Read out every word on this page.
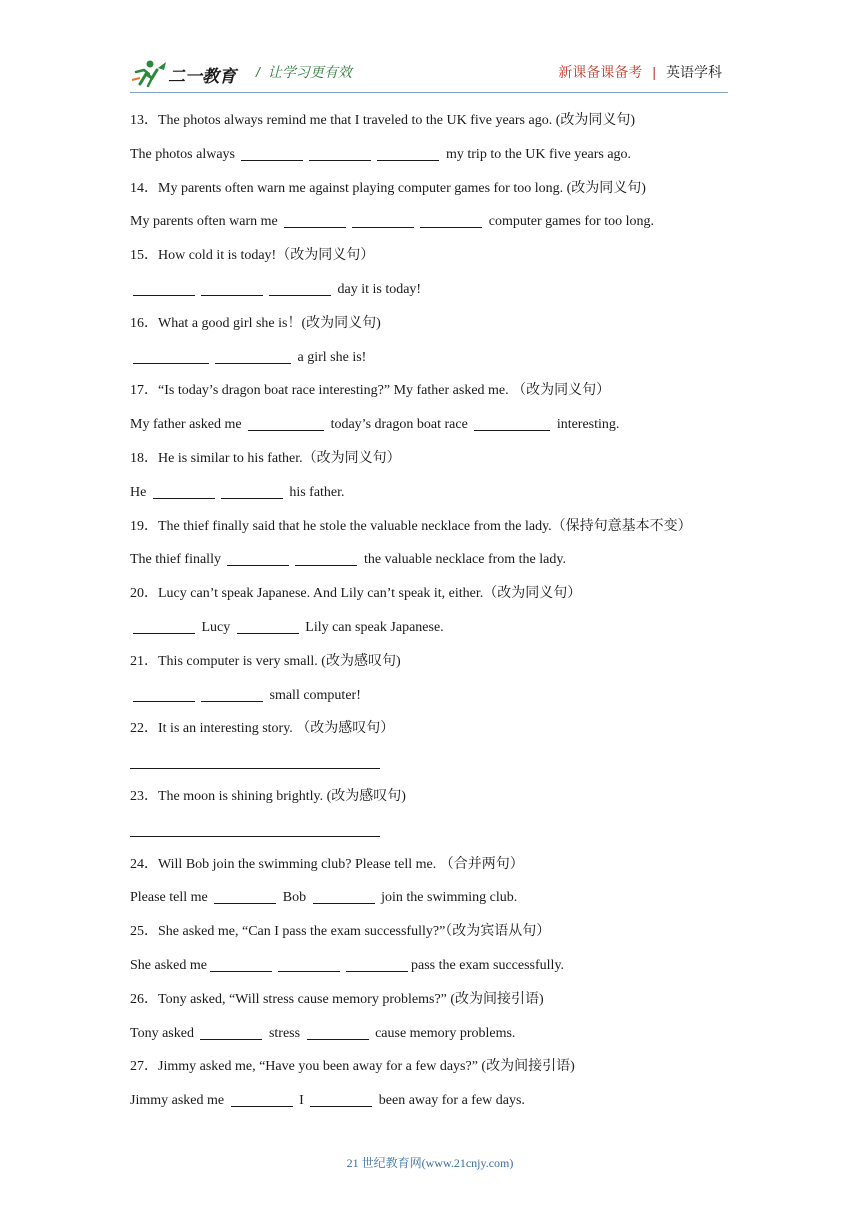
二一教育 / 让学习更有效	新课备课备考 | 英语学科
13．The photos always remind me that I traveled to the UK five years ago. (改为同义句)
The photos always	my trip to the UK five years ago.
14．My parents often warn me against playing computer games for too long. (改为同义句)
My parents often warn me	computer games for too long.
15．How cold it is today!（改为同义句）
day it is today!
16．What a good girl she is！(改为同义句)
a girl she is!
17．“Is today’s dragon boat race interesting?” My father asked me. （改为同义句）
My father asked me	today’s dragon boat race	interesting.
18．He is similar to his father.（改为同义句）
He	his father.
19．The thief finally said that he stole the valuable necklace from the lady.（保持句意基本不变）
The thief finally	the valuable necklace from the lady.
20．Lucy can’t speak Japanese. And Lily can’t speak it, either.（改为同义句）
Lucy	Lily can speak Japanese.
21．This computer is very small. (改为感叹句)
small computer!
22．It is an interesting story. （改为感叹句）
23．The moon is shining brightly. (改为感叹句)
24．Will Bob join the swimming club? Please tell me. （合并两句）
Please tell me	Bob	join the swimming club.
25．She asked me, “Can I pass the exam successfully?”（改为宾语从句）
She asked me	pass the exam successfully.
26．Tony asked, “Will stress cause memory problems?” (改为间接引语)
Tony asked	stress	cause memory problems.
27．Jimmy asked me, “Have you been away for a few days?” (改为间接引语)
Jimmy asked me	I	been away for a few days.
21 世纪教育网(www.21cnjy.com)
